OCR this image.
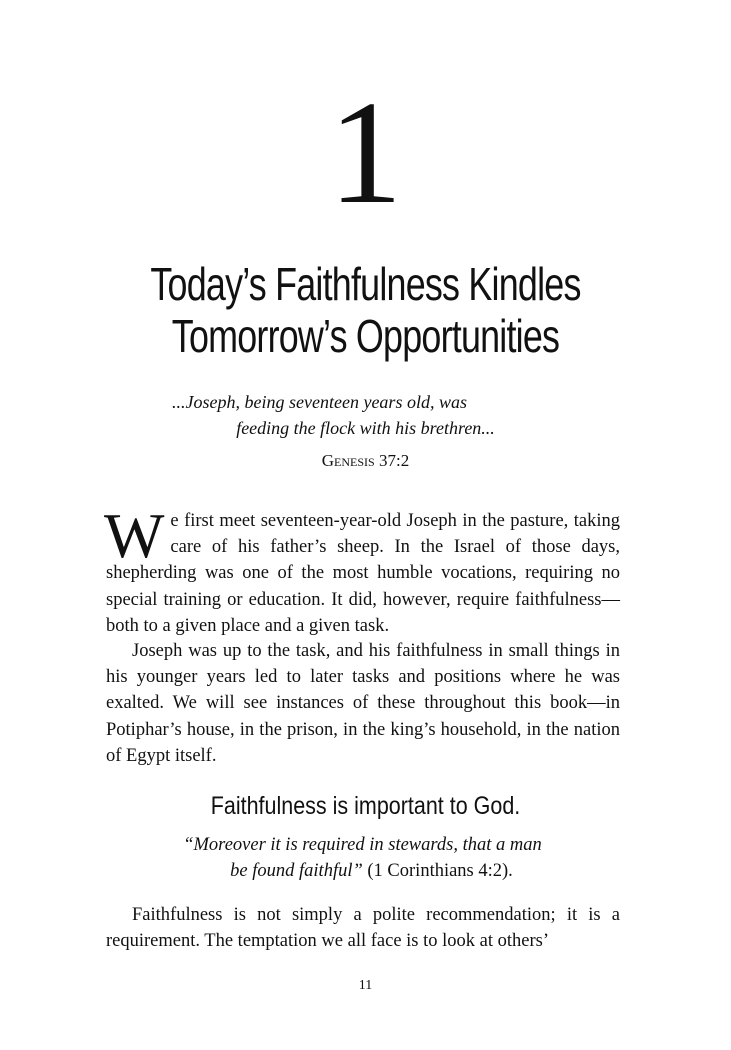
1
Today’s Faithfulness Kindles
Tomorrow’s Opportunities
...Joseph, being seventeen years old, was
feeding the flock with his brethren...
Genesis 37:2
W e first meet seventeen-year-old Joseph in the pasture, taking care of his father’s sheep. In the Israel of those days, shepherding was one of the most humble vocations, requiring no special training or education. It did, however, require faithfulness—both to a given place and a given task.
Joseph was up to the task, and his faithfulness in small things in his younger years led to later tasks and positions where he was exalted. We will see instances of these throughout this book—in Potiphar’s house, in the prison, in the king’s household, in the nation of Egypt itself.
Faithfulness is important to God.
“Moreover it is required in stewards, that a man
be found faithful” (1 Corinthians 4:2).
Faithfulness is not simply a polite recommendation; it is a requirement. The temptation we all face is to look at others’
11
